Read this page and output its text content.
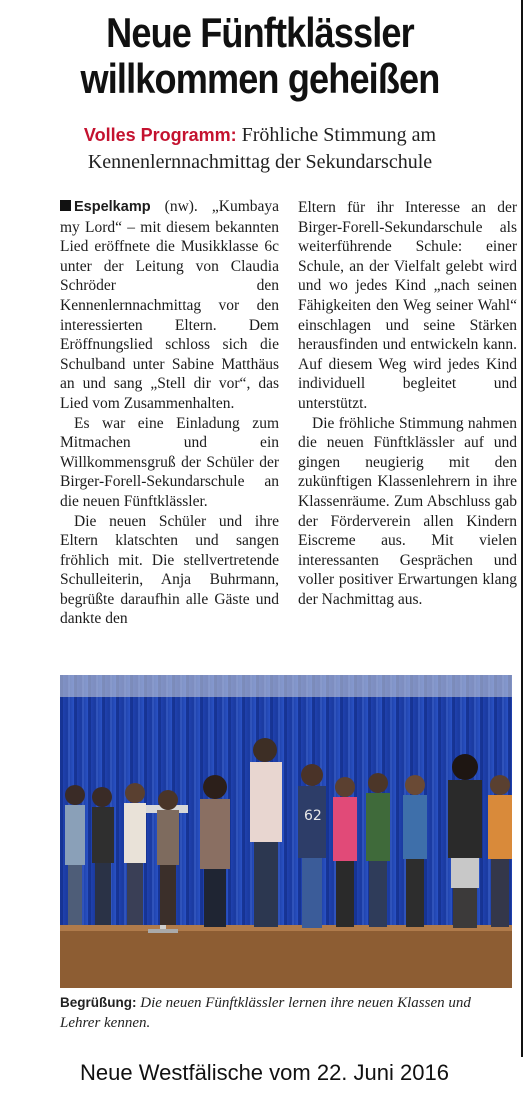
Neue Fünftklässler
willkommen geheißen
Volles Programm: Fröhliche Stimmung am Kennenlernnachmittag der Sekundarschule

Espelkamp (nw). „Kumbaya my Lord“ – mit diesem bekannten Lied eröffnete die Musikklasse 6c unter der Leitung von Claudia Schröder den Kennenlernnachmittag vor den interessierten Eltern. Dem Eröffnungslied schloss sich die Schulband unter Sabine Matthäus an und sang „Stell dir vor“, das Lied vom Zusammenhalten.

Es war eine Einladung zum Mitmachen und ein Willkommensgruß der Schüler der Birger-Forell-Sekundarschule an die neuen Fünftklässler.

Die neuen Schüler und ihre Eltern klatschten und sangen fröhlich mit. Die stellvertretende Schulleiterin, Anja Buhrmann, begrüßte daraufhin alle Gäste und dankte den

Eltern für ihr Interesse an der Birger-Forell-Sekundarschule als weiterführende Schule: einer Schule, an der Vielfalt gelebt wird und wo jedes Kind „nach seinen Fähigkeiten den Weg seiner Wahl“ einschlagen und seine Stärken herausfinden und entwickeln kann. Auf diesem Weg wird jedes Kind individuell begleitet und unterstützt.

Die fröhliche Stimmung nahmen die neuen Fünftklässler auf und gingen neugierig mit den zukünftigen Klassenlehrern in ihre Klassenräume. Zum Abschluss gab der Förderverein allen Kindern Eiscreme aus. Mit vielen interessanten Gesprächen und voller positiver Erwartungen klang der Nachmittag aus.

62
Begrüßung: Die neuen Fünftklässler lernen ihre neuen Klassen und Lehrer kennen.
Neue Westfälische vom 22. Juni 2016
